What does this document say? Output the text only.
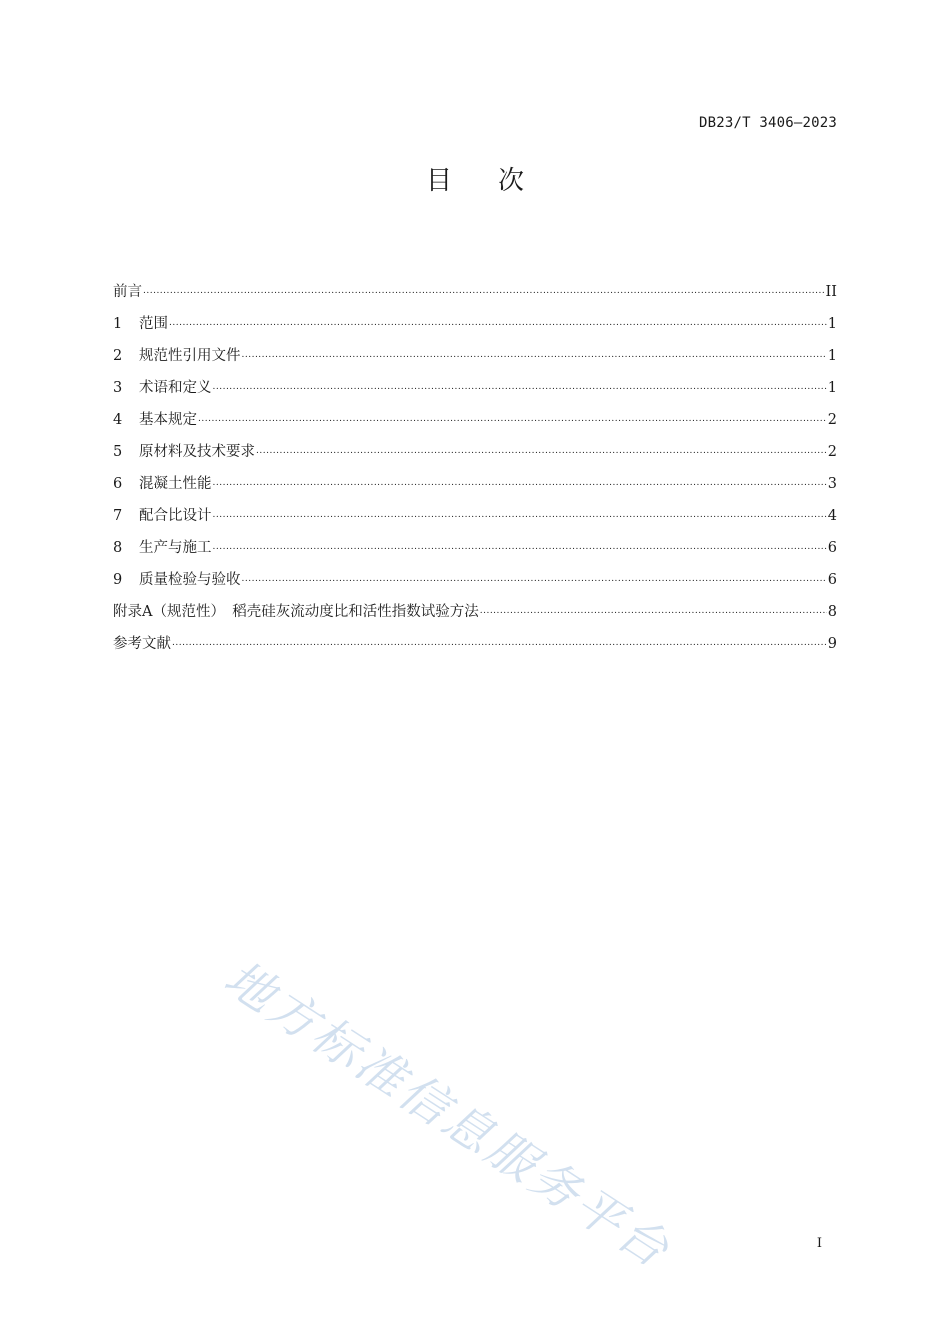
DB23/T 3406—2023
目次
前言 .....	II
1	范围 .....	1
2	规范性引用文件 .....	1
3	术语和定义 .....	1
4	基本规定 .....	2
5	原材料及技术要求 .....	2
6	混凝土性能 .....	3
7	配合比设计 .....	4
8	生产与施工 .....	6
9	质量检验与验收 .....	6
附录A（规范性）　稻壳硅灰流动度比和活性指数试验方法 .....	8
参考文献 .....	9
地方标准信息服务平台	I
